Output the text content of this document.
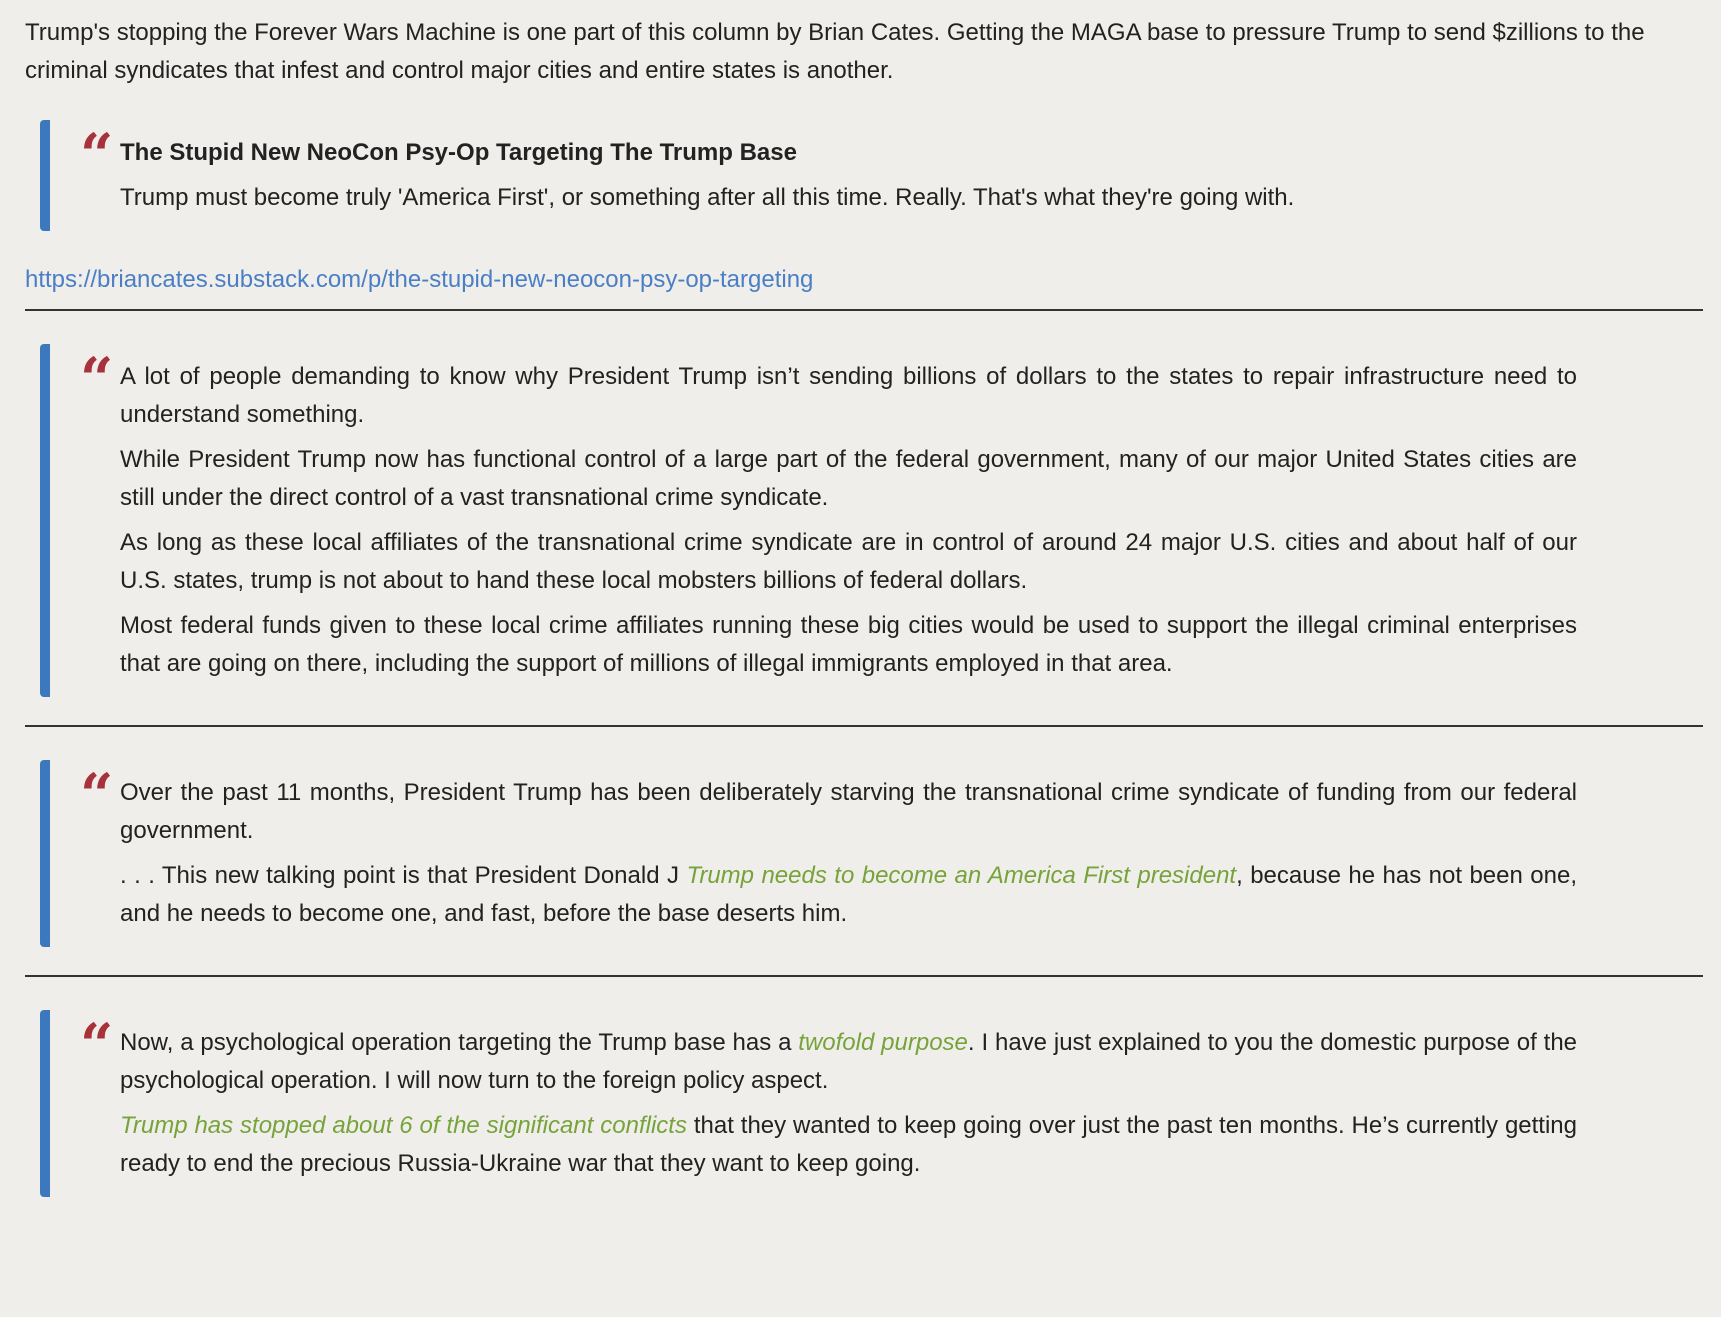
Trump's stopping the Forever Wars Machine is one part of this column by Brian Cates. Getting the MAGA base to pressure Trump to send $zillions to the criminal syndicates that infest and control major cities and entire states is another.

“ The Stupid New NeoCon Psy-Op Targeting The Trump Base

Trump must become truly 'America First', or something after all this time. Really. That's what they're going with.

https://briancates.substack.com/p/the-stupid-new-neocon-psy-op-targeting
“ A lot of people demanding to know why President Trump isn’t sending billions of dollars to the states to repair infrastructure need to understand something.

While President Trump now has functional control of a large part of the federal government, many of our major United States cities are still under the direct control of a vast transnational crime syndicate.

As long as these local affiliates of the transnational crime syndicate are in control of around 24 major U.S. cities and about half of our U.S. states, trump is not about to hand these local mobsters billions of federal dollars.

Most federal funds given to these local crime affiliates running these big cities would be used to support the illegal criminal enterprises that are going on there, including the support of millions of illegal immigrants employed in that area.

“ Over the past 11 months, President Trump has been deliberately starving the transnational crime syndicate of funding from our federal government.

. . . This new talking point is that President Donald J Trump needs to become an America First president, because he has not been one, and he needs to become one, and fast, before the base deserts him.

“ Now, a psychological operation targeting the Trump base has a twofold purpose. I have just explained to you the domestic purpose of the psychological operation. I will now turn to the foreign policy aspect.

Trump has stopped about 6 of the significant conflicts that they wanted to keep going over just the past ten months. He’s currently getting ready to end the precious Russia-Ukraine war that they want to keep going.
